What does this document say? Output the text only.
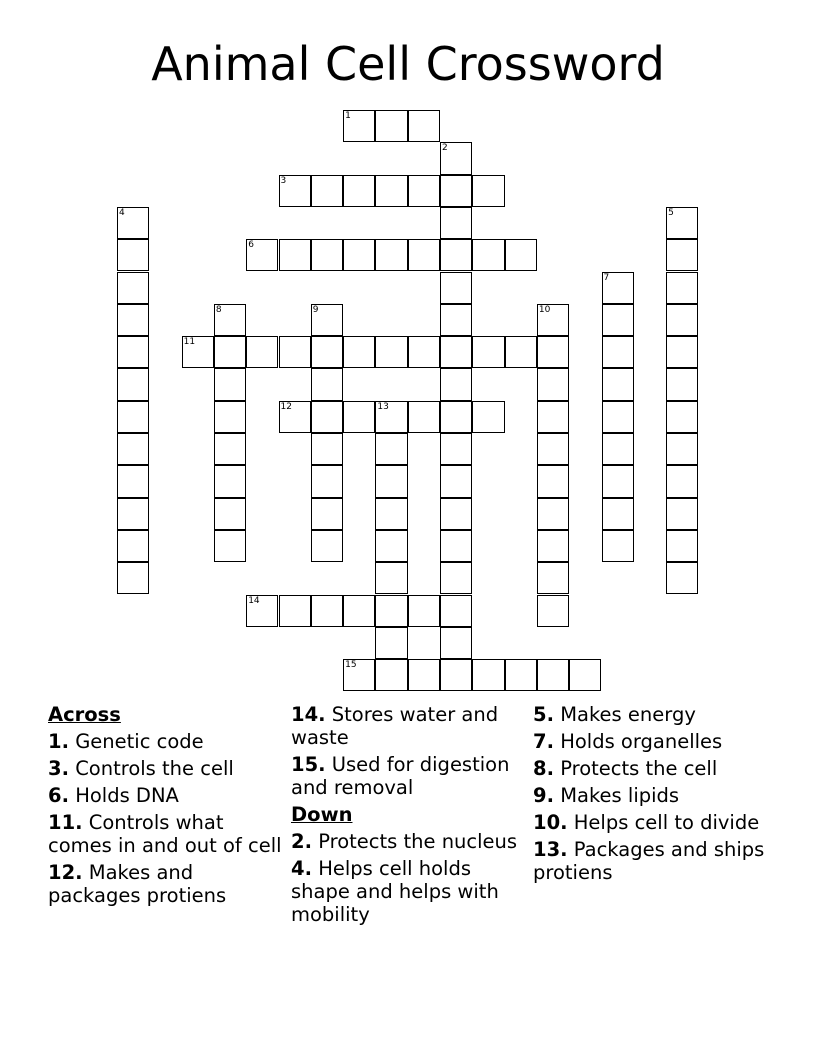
Animal Cell Crossword
1
2
3
4	5
6
7
8	9	10
11
12	13
14
15
Across
1. Genetic code
3. Controls the cell
6. Holds DNA
11. Controls what comes in and out of cell
12. Makes and packages protiens
14. Stores water and waste
15. Used for digestion and removal
Down
2. Protects the nucleus
4. Helps cell holds shape and helps with mobility
5. Makes energy
7. Holds organelles
8. Protects the cell
9. Makes lipids
10. Helps cell to divide
13. Packages and ships protiens
